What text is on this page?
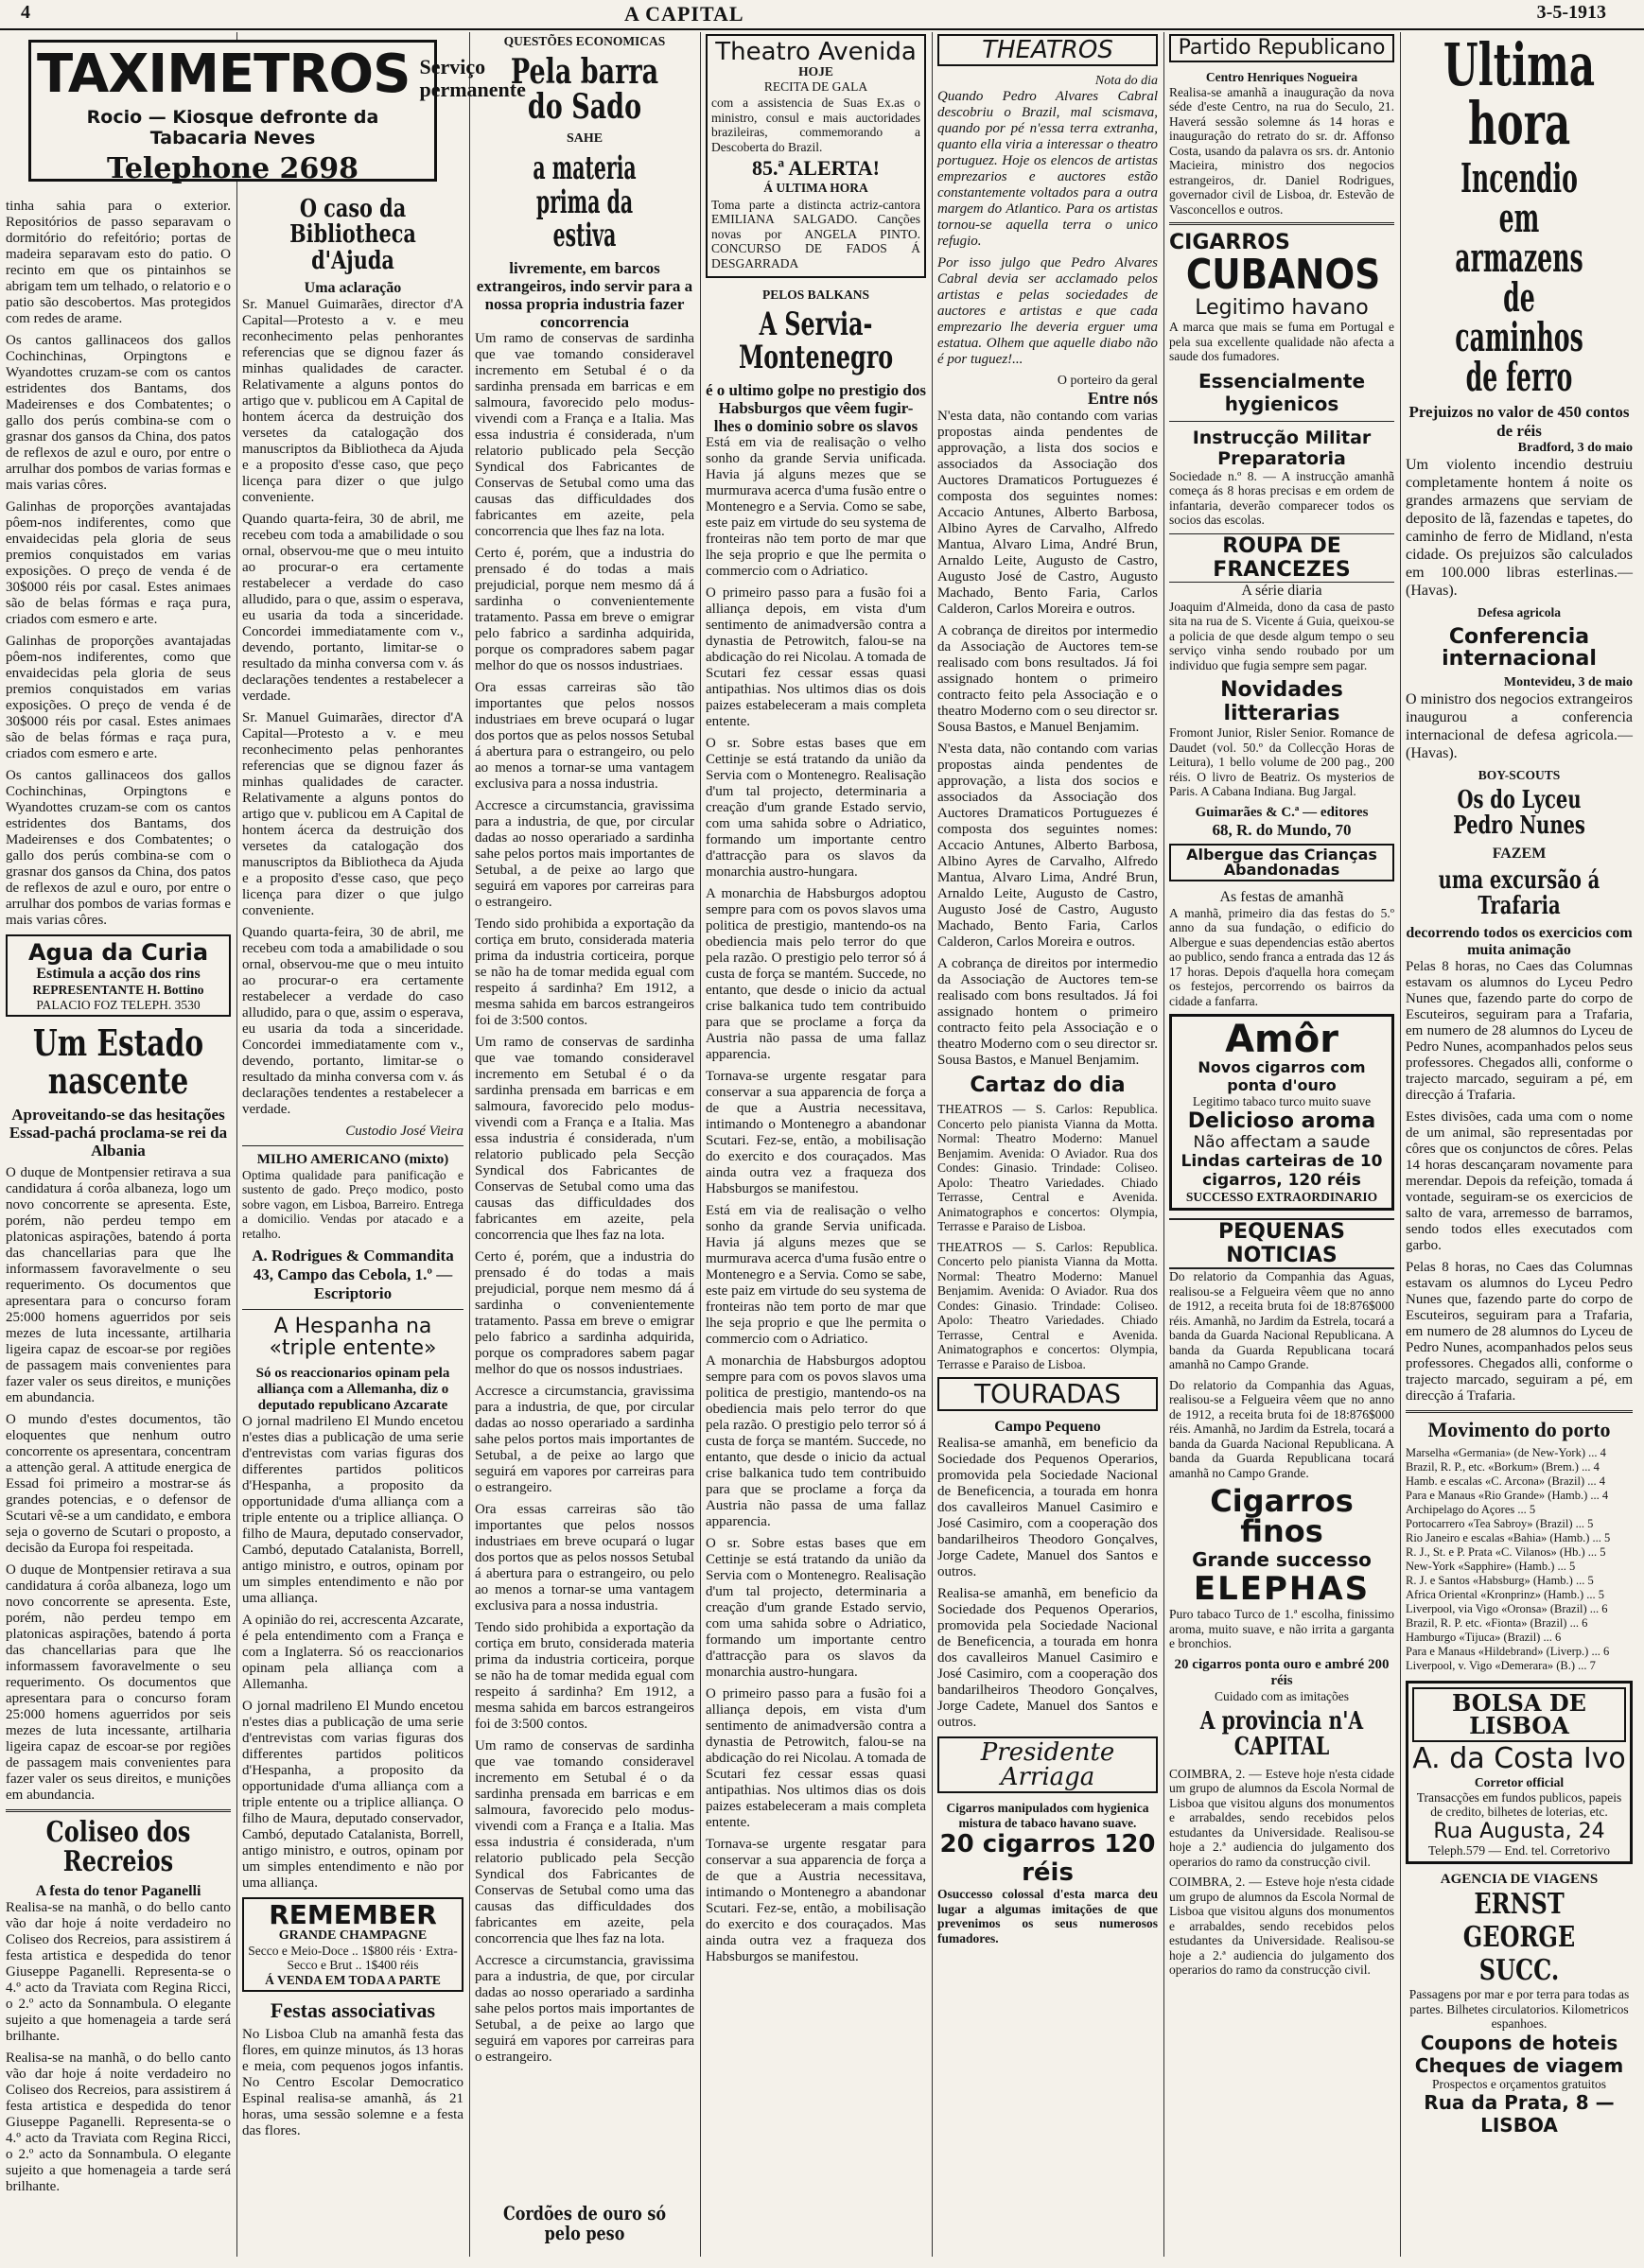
4	A CAPITAL	3-5-1913

tinha sahia para o exterior. Repositórios de passo separavam o dormitório do refeitório; portas de madeira separavam esto do patio. O recinto em que os pintainhos se abrigam tem um telhado, o relatorio e o patio são descobertos. Mas protegidos com redes de arame.

Os cantos gallinaceos dos gallos Cochinchinas, Orpingtons e Wyandottes cruzam-se com os cantos estridentes dos Bantams, dos Madeirenses e dos Combatentes; o gallo dos perús combina-se com o grasnar dos gansos da China, dos patos de reflexos de azul e ouro, por entre o arrulhar dos pombos de varias formas e mais varias côres.

Galinhas de proporções avantajadas pôem-nos indiferentes, como que envaidecidas pela gloria de seus premios conquistados em varias exposições. O preço de venda é de 30$000 réis por casal. Estes animaes são de belas fórmas e raça pura, criados com esmero e arte.

Galinhas de proporções avantajadas pôem-nos indiferentes, como que envaidecidas pela gloria de seus premios conquistados em varias exposições. O preço de venda é de 30$000 réis por casal. Estes animaes são de belas fórmas e raça pura, criados com esmero e arte.

Os cantos gallinaceos dos gallos Cochinchinas, Orpingtons e Wyandottes cruzam-se com os cantos estridentes dos Bantams, dos Madeirenses e dos Combatentes; o gallo dos perús combina-se com o grasnar dos gansos da China, dos patos de reflexos de azul e ouro, por entre o arrulhar dos pombos de varias formas e mais varias côres.

Agua da Curia
Estimula a acção dos rins
REPRESENTANTE H. Bottino
PALACIO FOZ TELEPH. 3530
Um Estado nascente
Aproveitando-se das hesitações Essad-pachá proclama-se rei da Albania

O duque de Montpensier retirava a sua candidatura á corôa albaneza, logo um novo concorrente se apresenta. Este, porém, não perdeu tempo em platonicas aspirações, batendo á porta das chancellarias para que lhe informassem favoravelmente o seu requerimento. Os documentos que apresentara para o concurso foram 25:000 homens aguerridos por seis mezes de luta incessante, artilharia ligeira capaz de escoar-se por regiões de passagem mais convenientes para fazer valer os seus direitos, e munições em abundancia.

O mundo d'estes documentos, tão eloquentes que nenhum outro concorrente os apresentara, concentram a attenção geral. A attitude energica de Essad foi primeiro a mostrar-se ás grandes potencias, e o defensor de Scutari vê-se a um candidato, e embora seja o governo de Scutari o proposto, a decisão da Europa foi respeitada.

O duque de Montpensier retirava a sua candidatura á corôa albaneza, logo um novo concorrente se apresenta. Este, porém, não perdeu tempo em platonicas aspirações, batendo á porta das chancellarias para que lhe informassem favoravelmente o seu requerimento. Os documentos que apresentara para o concurso foram 25:000 homens aguerridos por seis mezes de luta incessante, artilharia ligeira capaz de escoar-se por regiões de passagem mais convenientes para fazer valer os seus direitos, e munições em abundancia.

Coliseo dos Recreios
A festa do tenor Paganelli

Realisa-se na manhã, o do bello canto vão dar hoje á noite verdadeiro no Coliseo dos Recreios, para assistirem á festa artistica e despedida do tenor Giuseppe Paganelli. Representa-se o 4.º acto da Traviata com Regina Ricci, o 2.º acto da Sonnambula. O elegante sujeito a que homenageia a tarde será brilhante.

Realisa-se na manhã, o do bello canto vão dar hoje á noite verdadeiro no Coliseo dos Recreios, para assistirem á festa artistica e despedida do tenor Giuseppe Paganelli. Representa-se o 4.º acto da Traviata com Regina Ricci, o 2.º acto da Sonnambula. O elegante sujeito a que homenageia a tarde será brilhante.

TAXIMETROS Serviço permanente
Rocio — Kiosque defronte da Tabacaria Neves
Telephone 2698
O caso da Bibliotheca d'Ajuda
Uma aclaração

Sr. Manuel Guimarães, director d'A Capital—Protesto a v. e meu reconhecimento pelas penhorantes referencias que se dignou fazer ás minhas qualidades de caracter. Relativamente a alguns pontos do artigo que v. publicou em A Capital de hontem ácerca da destruição dos versetes da catalogação dos manuscriptos da Bibliotheca da Ajuda e a proposito d'esse caso, que peço licença para dizer o que julgo conveniente.

Quando quarta-feira, 30 de abril, me recebeu com toda a amabilidade o sou ornal, observou-me que o meu intuito ao procurar-o era certamente restabelecer a verdade do caso alludido, para o que, assim o esperava, eu usaria da toda a sinceridade. Concordei immediatamente com v., devendo, portanto, limitar-se o resultado da minha conversa com v. ás declarações tendentes a restabelecer a verdade.

Sr. Manuel Guimarães, director d'A Capital—Protesto a v. e meu reconhecimento pelas penhorantes referencias que se dignou fazer ás minhas qualidades de caracter. Relativamente a alguns pontos do artigo que v. publicou em A Capital de hontem ácerca da destruição dos versetes da catalogação dos manuscriptos da Bibliotheca da Ajuda e a proposito d'esse caso, que peço licença para dizer o que julgo conveniente.

Quando quarta-feira, 30 de abril, me recebeu com toda a amabilidade o sou ornal, observou-me que o meu intuito ao procurar-o era certamente restabelecer a verdade do caso alludido, para o que, assim o esperava, eu usaria da toda a sinceridade. Concordei immediatamente com v., devendo, portanto, limitar-se o resultado da minha conversa com v. ás declarações tendentes a restabelecer a verdade.

Custodio José Vieira

MILHO AMERICANO (mixto)

Optima qualidade para panificação e sustento de gado. Preço modico, posto sobre vagon, em Lisboa, Barreiro. Entrega a domicilio. Vendas por atacado e a retalho.

A. Rodrigues & Commandita
43, Campo das Cebola, 1.º — Escriptorio
A Hespanha na «triple entente»
Só os reaccionarios opinam pela alliança com a Allemanha, diz o deputado republicano Azcarate

O jornal madrileno El Mundo encetou n'estes dias a publicação de uma serie d'entrevistas com varias figuras dos differentes partidos politicos d'Hespanha, a proposito da opportunidade d'uma alliança com a triple entente ou a triplice alliança. O filho de Maura, deputado conservador, Cambó, deputado Catalanista, Borrell, antigo ministro, e outros, opinam por um simples entendimento e não por uma alliança.

A opinião do rei, accrescenta Azcarate, é pela entendimento com a França e com a Inglaterra. Só os reaccionarios opinam pela alliança com a Allemanha.

O jornal madrileno El Mundo encetou n'estes dias a publicação de uma serie d'entrevistas com varias figuras dos differentes partidos politicos d'Hespanha, a proposito da opportunidade d'uma alliança com a triple entente ou a triplice alliança. O filho de Maura, deputado conservador, Cambó, deputado Catalanista, Borrell, antigo ministro, e outros, opinam por um simples entendimento e não por uma alliança.

REMEMBER
GRANDE CHAMPAGNE
Secco e Meio-Doce .. 1$800 réis · Extra-Secco e Brut .. 1$400 réis
Á VENDA EM TODA A PARTE
Festas associativas

No Lisboa Club na amanhã festa das flores, em quinze minutos, ás 13 horas e meia, com pequenos jogos infantis. No Centro Escolar Democratico Espinal realisa-se amanhã, ás 21 horas, uma sessão solemne e a festa das flores.

QUESTÕES ECONOMICAS
Pela barra do Sado
SAHE
a materia prima da estiva
livremente, em barcos extrangeiros, indo servir para a nossa propria industria fazer concorrencia

Um ramo de conservas de sardinha que vae tomando consideravel incremento em Setubal é o da sardinha prensada em barricas e em salmoura, favorecido pelo modus-vivendi com a França e a Italia. Mas essa industria é considerada, n'um relatorio publicado pela Secção Syndical dos Fabricantes de Conservas de Setubal como uma das causas das difficuldades dos fabricantes em azeite, pela concorrencia que lhes faz na lota.

Certo é, porém, que a industria do prensado é do todas a mais prejudicial, porque nem mesmo dá á sardinha o convenientemente tratamento. Passa em breve o emigrar pelo fabrico a sardinha adquirida, porque os compradores sabem pagar melhor do que os nossos industriaes.

Ora essas carreiras são tão importantes que pelos nossos industriaes em breve ocupará o lugar dos portos que as pelos nossos Setubal á abertura para o estrangeiro, ou pelo ao menos a tornar-se uma vantagem exclusiva para a nossa industria.

Accresce a circumstancia, gravissima para a industria, de que, por circular dadas ao nosso operariado a sardinha sahe pelos portos mais importantes de Setubal, a de peixe ao largo que seguirá em vapores por carreiras para o estrangeiro.

Tendo sido prohibida a exportação da cortiça em bruto, considerada materia prima da industria corticeira, porque se não ha de tomar medida egual com respeito á sardinha? Em 1912, a mesma sahida em barcos estrangeiros foi de 3:500 contos.

Um ramo de conservas de sardinha que vae tomando consideravel incremento em Setubal é o da sardinha prensada em barricas e em salmoura, favorecido pelo modus-vivendi com a França e a Italia. Mas essa industria é considerada, n'um relatorio publicado pela Secção Syndical dos Fabricantes de Conservas de Setubal como uma das causas das difficuldades dos fabricantes em azeite, pela concorrencia que lhes faz na lota.

Certo é, porém, que a industria do prensado é do todas a mais prejudicial, porque nem mesmo dá á sardinha o convenientemente tratamento. Passa em breve o emigrar pelo fabrico a sardinha adquirida, porque os compradores sabem pagar melhor do que os nossos industriaes.

Accresce a circumstancia, gravissima para a industria, de que, por circular dadas ao nosso operariado a sardinha sahe pelos portos mais importantes de Setubal, a de peixe ao largo que seguirá em vapores por carreiras para o estrangeiro.

Ora essas carreiras são tão importantes que pelos nossos industriaes em breve ocupará o lugar dos portos que as pelos nossos Setubal á abertura para o estrangeiro, ou pelo ao menos a tornar-se uma vantagem exclusiva para a nossa industria.

Tendo sido prohibida a exportação da cortiça em bruto, considerada materia prima da industria corticeira, porque se não ha de tomar medida egual com respeito á sardinha? Em 1912, a mesma sahida em barcos estrangeiros foi de 3:500 contos.

Um ramo de conservas de sardinha que vae tomando consideravel incremento em Setubal é o da sardinha prensada em barricas e em salmoura, favorecido pelo modus-vivendi com a França e a Italia. Mas essa industria é considerada, n'um relatorio publicado pela Secção Syndical dos Fabricantes de Conservas de Setubal como uma das causas das difficuldades dos fabricantes em azeite, pela concorrencia que lhes faz na lota.

Accresce a circumstancia, gravissima para a industria, de que, por circular dadas ao nosso operariado a sardinha sahe pelos portos mais importantes de Setubal, a de peixe ao largo que seguirá em vapores por carreiras para o estrangeiro.

Cordões de ouro só pelo peso
Theatro Avenida
HOJE
RECITA DE GALA

com a assistencia de Suas Ex.as o ministro, consul e mais auctoridades brazileiras, commemorando a Descoberta do Brazil.

85.ª ALERTA!
Á ULTIMA HORA

Toma parte a distincta actriz-cantora EMILIANA SALGADO. Canções novas por ANGELA PINTO. CONCURSO DE FADOS Á DESGARRADA

PELOS BALKANS
A Servia-Montenegro
é o ultimo golpe no prestigio dos Habsburgos que vêem fugir-lhes o dominio sobre os slavos

Está em via de realisação o velho sonho da grande Servia unificada. Havia já alguns mezes que se murmurava acerca d'uma fusão entre o Montenegro e a Servia. Como se sabe, este paiz em virtude do seu systema de fronteiras não tem porto de mar que lhe seja proprio e que lhe permita o commercio com o Adriatico.

O primeiro passo para a fusão foi a alliança depois, em vista d'um sentimento de animadversão contra a dynastia de Petrowitch, falou-se na abdicação do rei Nicolau. A tomada de Scutari fez cessar essas quasi antipathias. Nos ultimos dias os dois paizes estabeleceram a mais completa entente.

O sr. Sobre estas bases que em Cettinje se está tratando da união da Servia com o Montenegro. Realisação d'um tal projecto, determinaria a creação d'um grande Estado servio, com uma sahida sobre o Adriatico, formando um importante centro d'attracção para os slavos da monarchia austro-hungara.

A monarchia de Habsburgos adoptou sempre para com os povos slavos uma politica de prestigio, mantendo-os na obediencia mais pelo terror do que pela razão. O prestigio pelo terror só á custa de força se mantém. Succede, no entanto, que desde o inicio da actual crise balkanica tudo tem contribuido para que se proclame a força da Austria não passa de uma fallaz apparencia.

Tornava-se urgente resgatar para conservar a sua apparencia de força a de que a Austria necessitava, intimando o Montenegro a abandonar Scutari. Fez-se, então, a mobilisação do exercito e dos couraçados. Mas ainda outra vez a fraqueza dos Habsburgos se manifestou.

Está em via de realisação o velho sonho da grande Servia unificada. Havia já alguns mezes que se murmurava acerca d'uma fusão entre o Montenegro e a Servia. Como se sabe, este paiz em virtude do seu systema de fronteiras não tem porto de mar que lhe seja proprio e que lhe permita o commercio com o Adriatico.

A monarchia de Habsburgos adoptou sempre para com os povos slavos uma politica de prestigio, mantendo-os na obediencia mais pelo terror do que pela razão. O prestigio pelo terror só á custa de força se mantém. Succede, no entanto, que desde o inicio da actual crise balkanica tudo tem contribuido para que se proclame a força da Austria não passa de uma fallaz apparencia.

O sr. Sobre estas bases que em Cettinje se está tratando da união da Servia com o Montenegro. Realisação d'um tal projecto, determinaria a creação d'um grande Estado servio, com uma sahida sobre o Adriatico, formando um importante centro d'attracção para os slavos da monarchia austro-hungara.

O primeiro passo para a fusão foi a alliança depois, em vista d'um sentimento de animadversão contra a dynastia de Petrowitch, falou-se na abdicação do rei Nicolau. A tomada de Scutari fez cessar essas quasi antipathias. Nos ultimos dias os dois paizes estabeleceram a mais completa entente.

Tornava-se urgente resgatar para conservar a sua apparencia de força a de que a Austria necessitava, intimando o Montenegro a abandonar Scutari. Fez-se, então, a mobilisação do exercito e dos couraçados. Mas ainda outra vez a fraqueza dos Habsburgos se manifestou.

THEATROS
Nota do dia

Quando Pedro Alvares Cabral descobriu o Brazil, mal scismava, quando por pé n'essa terra extranha, quanto ella viria a interessar o theatro portuguez. Hoje os elencos de artistas emprezarios e auctores estão constantemente voltados para a outra margem do Atlantico. Para os artistas tornou-se aquella terra o unico refugio.

Por isso julgo que Pedro Alvares Cabral devia ser acclamado pelos artistas e pelas sociedades de auctores e artistas e que cada emprezario lhe deveria erguer uma estatua. Olhem que aquelle diabo não é por tuguez!...

O porteiro da geral
Entre nós

N'esta data, não contando com varias propostas ainda pendentes de approvação, a lista dos socios e associados da Associação dos Auctores Dramaticos Portuguezes é composta dos seguintes nomes: Accacio Antunes, Alberto Barbosa, Albino Ayres de Carvalho, Alfredo Mantua, Alvaro Lima, André Brun, Arnaldo Leite, Augusto de Castro, Augusto José de Castro, Augusto Machado, Bento Faria, Carlos Calderon, Carlos Moreira e outros.

A cobrança de direitos por intermedio da Associação de Auctores tem-se realisado com bons resultados. Já foi assignado hontem o primeiro contracto feito pela Associação e o theatro Moderno com o seu director sr. Sousa Bastos, e Manuel Benjamim.

N'esta data, não contando com varias propostas ainda pendentes de approvação, a lista dos socios e associados da Associação dos Auctores Dramaticos Portuguezes é composta dos seguintes nomes: Accacio Antunes, Alberto Barbosa, Albino Ayres de Carvalho, Alfredo Mantua, Alvaro Lima, André Brun, Arnaldo Leite, Augusto de Castro, Augusto José de Castro, Augusto Machado, Bento Faria, Carlos Calderon, Carlos Moreira e outros.

A cobrança de direitos por intermedio da Associação de Auctores tem-se realisado com bons resultados. Já foi assignado hontem o primeiro contracto feito pela Associação e o theatro Moderno com o seu director sr. Sousa Bastos, e Manuel Benjamim.

Cartaz do dia

THEATROS — S. Carlos: Republica. Concerto pelo pianista Vianna da Motta. Normal: Theatro Moderno: Manuel Benjamim. Avenida: O Aviador. Rua dos Condes: Ginasio. Trindade: Coliseo. Apolo: Theatro Variedades. Chiado Terrasse, Central e Avenida. Animatographos e concertos: Olympia, Terrasse e Paraiso de Lisboa.

THEATROS — S. Carlos: Republica. Concerto pelo pianista Vianna da Motta. Normal: Theatro Moderno: Manuel Benjamim. Avenida: O Aviador. Rua dos Condes: Ginasio. Trindade: Coliseo. Apolo: Theatro Variedades. Chiado Terrasse, Central e Avenida. Animatographos e concertos: Olympia, Terrasse e Paraiso de Lisboa.

TOURADAS
Campo Pequeno

Realisa-se amanhã, em beneficio da Sociedade dos Pequenos Operarios, promovida pela Sociedade Nacional de Beneficencia, a tourada em honra dos cavalleiros Manuel Casimiro e José Casimiro, com a cooperação dos bandarilheiros Theodoro Gonçalves, Jorge Cadete, Manuel dos Santos e outros.

Realisa-se amanhã, em beneficio da Sociedade dos Pequenos Operarios, promovida pela Sociedade Nacional de Beneficencia, a tourada em honra dos cavalleiros Manuel Casimiro e José Casimiro, com a cooperação dos bandarilheiros Theodoro Gonçalves, Jorge Cadete, Manuel dos Santos e outros.

Presidente Arriaga
Cigarros manipulados com hygienica mistura de tabaco havano suave.
20 cigarros 120 réis

Osuccesso colossal d'esta marca deu lugar a algumas imitações de que prevenimos os seus numerosos fumadores.

Partido Republicano
Centro Henriques Nogueira

Realisa-se amanhã a inauguração da nova séde d'este Centro, na rua do Seculo, 21. Haverá sessão solemne ás 14 horas e inauguração do retrato do sr. dr. Affonso Costa, usando da palavra os srs. dr. Antonio Macieira, ministro dos negocios estrangeiros, dr. Daniel Rodrigues, governador civil de Lisboa, dr. Estevão de Vasconcellos e outros.

CIGARROS
CUBANOS
Legitimo havano

A marca que mais se fuma em Portugal e pela sua excellente qualidade não afecta a saude dos fumadores.

Essencialmente hygienicos
Instrucção Militar Preparatoria

Sociedade n.º 8. — A instrucção amanhã começa ás 8 horas precisas e em ordem de infantaria, deverão comparecer todos os socios das escolas.

ROUPA DE FRANCEZES
A série diaria

Joaquim d'Almeida, dono da casa de pasto sita na rua de S. Vicente á Guia, queixou-se a policia de que desde algum tempo o seu serviço vinha sendo roubado por um individuo que fugia sempre sem pagar.

Novidades litterarias

Fromont Junior, Risler Senior. Romance de Daudet (vol. 50.º da Collecção Horas de Leitura), 1 bello volume de 200 pag., 200 réis. O livro de Beatriz. Os mysterios de Paris. A Cabana Indiana. Bug Jargal.

Guimarães & C.ª — editores
68, R. do Mundo, 70
Albergue das Crianças Abandonadas
As festas de amanhã

A manhã, primeiro dia das festas do 5.º anno da sua fundação, o edificio do Albergue e suas dependencias estão abertos ao publico, sendo franca a entrada das 12 ás 17 horas. Depois d'aquella hora começam os festejos, percorrendo os bairros da cidade a fanfarra.

Amôr
Novos cigarros com ponta d'ouro
Legitimo tabaco turco muito suave
Delicioso aroma
Não affectam a saude
Lindas carteiras de 10 cigarros, 120 réis
SUCCESSO EXTRAORDINARIO
PEQUENAS NOTICIAS

Do relatorio da Companhia das Aguas, realisou-se a Felgueira vêem que no anno de 1912, a receita bruta foi de 18:876$000 réis. Amanhã, no Jardim da Estrela, tocará a banda da Guarda Nacional Republicana. A banda da Guarda Republicana tocará amanhã no Campo Grande.

Do relatorio da Companhia das Aguas, realisou-se a Felgueira vêem que no anno de 1912, a receita bruta foi de 18:876$000 réis. Amanhã, no Jardim da Estrela, tocará a banda da Guarda Nacional Republicana. A banda da Guarda Republicana tocará amanhã no Campo Grande.

Cigarros finos
Grande successo
ELEPHAS

Puro tabaco Turco de 1.ª escolha, finissimo aroma, muito suave, e não irrita a garganta e bronchios.

20 cigarros ponta ouro e ambré 200 réis
Cuidado com as imitações
A provincia n'A CAPITAL

COIMBRA, 2. — Esteve hoje n'esta cidade um grupo de alumnos da Escola Normal de Lisboa que visitou alguns dos monumentos e arrabaldes, sendo recebidos pelos estudantes da Universidade. Realisou-se hoje a 2.ª audiencia do julgamento dos operarios do ramo da construcção civil.

COIMBRA, 2. — Esteve hoje n'esta cidade um grupo de alumnos da Escola Normal de Lisboa que visitou alguns dos monumentos e arrabaldes, sendo recebidos pelos estudantes da Universidade. Realisou-se hoje a 2.ª audiencia do julgamento dos operarios do ramo da construcção civil.

Ultima hora
Incendio em armazens de caminhos de ferro
Prejuizos no valor de 450 contos de réis
Bradford, 3 do maio

Um violento incendio destruiu completamente hontem á noite os grandes armazens que serviam de deposito de lã, fazendas e tapetes, do caminho de ferro de Midland, n'esta cidade. Os prejuizos são calculados em 100.000 libras esterlinas.— (Havas).

Defesa agricola
Conferencia internacional
Montevideu, 3 de maio

O ministro dos negocios extrangeiros inaugurou a conferencia internacional de defesa agricola.— (Havas).

BOY-SCOUTS
Os do Lyceu Pedro Nunes
FAZEM
uma excursão á Trafaria
decorrendo todos os exercicios com muita animação

Pelas 8 horas, no Caes das Columnas estavam os alumnos do Lyceu Pedro Nunes que, fazendo parte do corpo de Escuteiros, seguiram para a Trafaria, em numero de 28 alumnos do Lyceu de Pedro Nunes, acompanhados pelos seus professores. Chegados alli, conforme o trajecto marcado, seguiram a pé, em direcção á Trafaria.

Estes divisões, cada uma com o nome de um animal, são representadas por côres que os conjunctos de côres. Pelas 14 horas descançaram novamente para merendar. Depois da refeição, tomada á vontade, seguiram-se os exercicios de salto de vara, arremesso de barramos, sendo todos elles executados com garbo.

Pelas 8 horas, no Caes das Columnas estavam os alumnos do Lyceu Pedro Nunes que, fazendo parte do corpo de Escuteiros, seguiram para a Trafaria, em numero de 28 alumnos do Lyceu de Pedro Nunes, acompanhados pelos seus professores. Chegados alli, conforme o trajecto marcado, seguiram a pé, em direcção á Trafaria.

Movimento do porto
Marselha «Germania» (de New-York) ... 4
Brazil, R. P., etc. «Borkum» (Brem.) ... 4
Hamb. e escalas «C. Arcona» (Brazil) ... 4
Para e Manaus «Rio Grande» (Hamb.) ... 4
Archipelago do Açores ... 5
Portocarrero «Tea Sabroy» (Brazil) ... 5
Rio Janeiro e escalas «Bahia» (Hamb.) ... 5
R. J., St. e P. Prata «C. Vilanos» (Hb.) ... 5
New-York «Sapphire» (Hamb.) ... 5
R. J. e Santos «Habsburg» (Hamb.) ... 5
Africa Oriental «Kronprinz» (Hamb.) ... 5
Liverpool, via Vigo «Oronsa» (Brazil) ... 6
Brazil, R. P. etc. «Fionta» (Brazil) ... 6
Hamburgo «Tijuca» (Brazil) ... 6
Para e Manaus «Hildebrand» (Liverp.) ... 6
Liverpool, v. Vigo «Demerara» (B.) ... 7
BOLSA DE LISBOA
A. da Costa Ivo
Corretor official
Transacções em fundos publicos, papeis de credito, bilhetes de loterias, etc.
Rua Augusta, 24
Teleph.579 — End. tel. Corretorivo
AGENCIA DE VIAGENS
ERNST GEORGE SUCC.
Passagens por mar e por terra para todas as partes. Bilhetes circulatorios. Kilometricos espanhoes.
Coupons de hoteis
Cheques de viagem
Prospectos e orçamentos gratuitos
Rua da Prata, 8 — LISBOA
